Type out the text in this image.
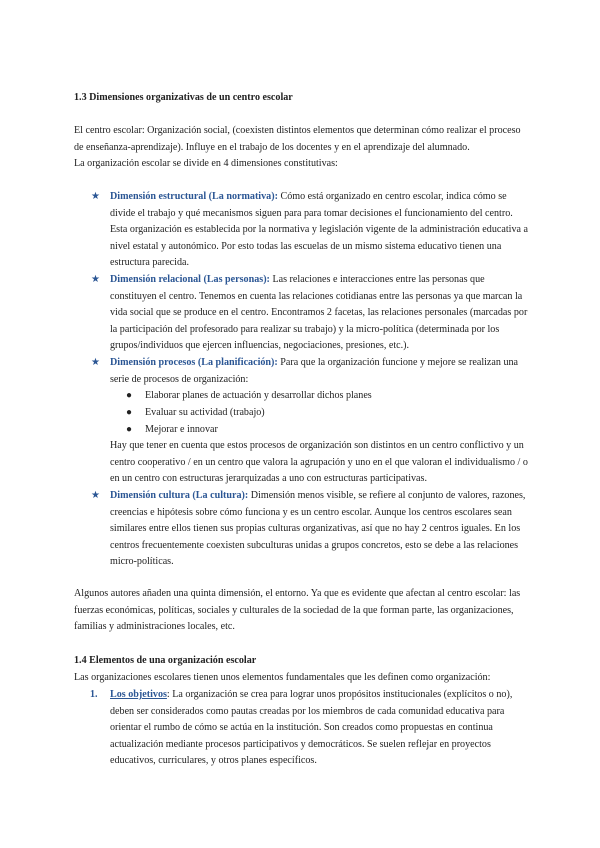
1.3 Dimensiones organizativas de un centro escolar
El centro escolar: Organización social, (coexisten distintos elementos que determinan cómo realizar el proceso de enseñanza-aprendizaje). Influye en el trabajo de los docentes y en el aprendizaje del alumnado.
La organización escolar se divide en 4 dimensiones constitutivas:
★ Dimensión estructural (La normativa): Cómo está organizado en centro escolar, indica cómo se divide el trabajo y qué mecanismos siguen para para tomar decisiones el funcionamiento del centro. Esta organización es establecida por la normativa y legislación vigente de la administración educativa a nivel estatal y autonómico. Por esto todas las escuelas de un mismo sistema educativo tienen una estructura parecida.
★ Dimensión relacional (Las personas): Las relaciones e interacciones entre las personas que constituyen el centro. Tenemos en cuenta las relaciones cotidianas entre las personas ya que marcan la vida social que se produce en el centro. Encontramos 2 facetas, las relaciones personales (marcadas por la participación del profesorado para realizar su trabajo) y la micro-política (determinada por los grupos/individuos que ejercen influencias, negociaciones, presiones, etc.).
★ Dimensión procesos (La planificación): Para que la organización funcione y mejore se realizan una serie de procesos de organización:
● Elaborar planes de actuación y desarrollar dichos planes
● Evaluar su actividad (trabajo)
● Mejorar e innovar
Hay que tener en cuenta que estos procesos de organización son distintos en un centro conflictivo y un centro cooperativo / en un centro que valora la agrupación y uno en el que valoran el individualismo / o en un centro con estructuras jerarquizadas a uno con estructuras participativas.
★ Dimensión cultura (La cultura): Dimensión menos visible, se refiere al conjunto de valores, razones, creencias e hipótesis sobre cómo funciona y es un centro escolar. Aunque los centros escolares sean similares entre ellos tienen sus propias culturas organizativas, así que no hay 2 centros iguales. En los centros frecuentemente coexisten subculturas unidas a grupos concretos, esto se debe a las relaciones micro-políticas.
Algunos autores añaden una quinta dimensión, el entorno. Ya que es evidente que afectan al centro escolar: las fuerzas económicas, políticas, sociales y culturales de la sociedad de la que forman parte, las organizaciones, familias y administraciones locales, etc.
1.4 Elementos de una organización escolar
Las organizaciones escolares tienen unos elementos fundamentales que les definen como organización:
1. Los objetivos: La organización se crea para lograr unos propósitos institucionales (explícitos o no), deben ser considerados como pautas creadas por los miembros de cada comunidad educativa para orientar el rumbo de cómo se actúa en la institución. Son creados como propuestas en continua actualización mediante procesos participativos y democráticos. Se suelen reflejar en proyectos educativos, curriculares, y otros planes específicos.
